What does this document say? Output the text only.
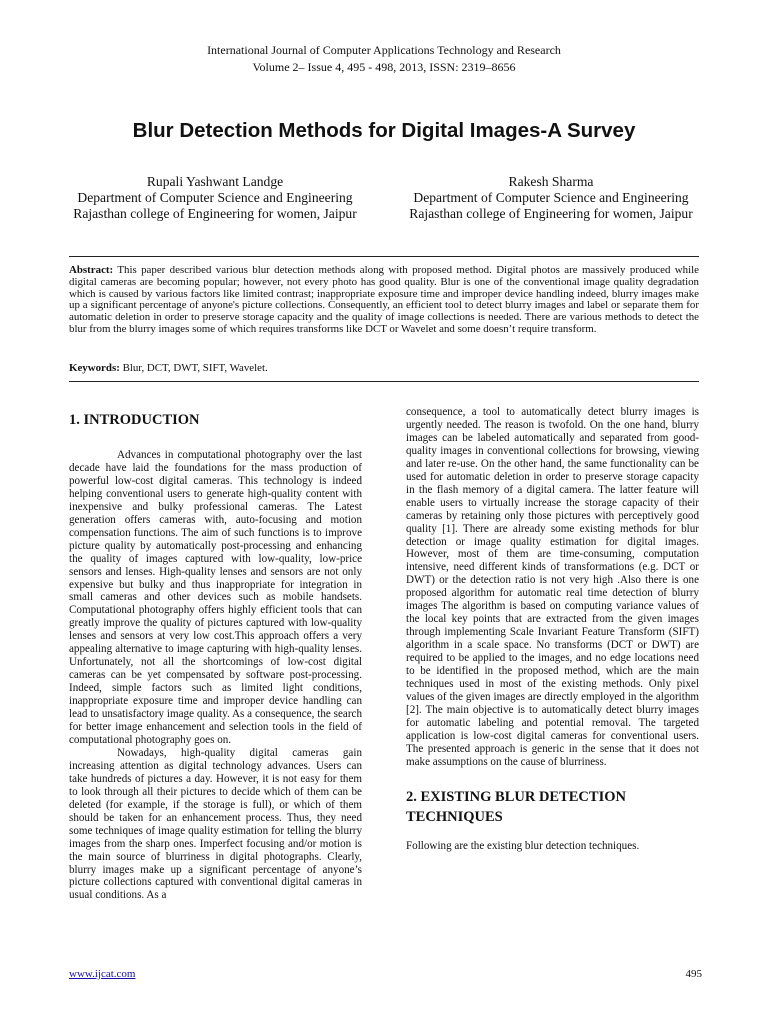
International Journal of Computer Applications Technology and Research
Volume 2– Issue 4, 495 - 498, 2013, ISSN: 2319–8656
Blur Detection Methods for Digital Images-A Survey
Rupali Yashwant Landge
Department of Computer Science and Engineering
Rajasthan college of Engineering for women, Jaipur
Rakesh Sharma
Department of Computer Science and Engineering
Rajasthan college of Engineering for women, Jaipur

Abstract: This paper described various blur detection methods along with proposed method. Digital photos are massively produced while digital cameras are becoming popular; however, not every photo has good quality. Blur is one of the conventional image quality degradation which is caused by various factors like limited contrast; inappropriate exposure time and improper device handling indeed, blurry images make up a significant percentage of anyone's picture collections. Consequently, an efficient tool to detect blurry images and label or separate them for automatic deletion in order to preserve storage capacity and the quality of image collections is needed. There are various methods to detect the blur from the blurry images some of which requires transforms like DCT or Wavelet and some doesn’t require transform.

Keywords: Blur, DCT, DWT, SIFT, Wavelet.

1. INTRODUCTION

Advances in computational photography over the last decade have laid the foundations for the mass production of powerful low-cost digital cameras. This technology is indeed helping conventional users to generate high-quality content with inexpensive and bulky professional cameras. The Latest generation offers cameras with, auto-focusing and motion compensation functions. The aim of such functions is to improve picture quality by automatically post-processing and enhancing the quality of images captured with low-quality, low-price sensors and lenses. High-quality lenses and sensors are not only expensive but bulky and thus inappropriate for integration in small cameras and other devices such as mobile handsets. Computational photography offers highly efficient tools that can greatly improve the quality of pictures captured with low-quality lenses and sensors at very low cost.This approach offers a very appealing alternative to image capturing with high-quality lenses. Unfortunately, not all the shortcomings of low-cost digital cameras can be yet compensated by software post-processing. Indeed, simple factors such as limited light conditions, inappropriate exposure time and improper device handling can lead to unsatisfactory image quality. As a consequence, the search for better image enhancement and selection tools in the field of computational photography goes on.

Nowadays, high-quality digital cameras gain increasing attention as digital technology advances. Users can take hundreds of pictures a day. However, it is not easy for them to look through all their pictures to decide which of them can be deleted (for example, if the storage is full), or which of them should be taken for an enhancement process. Thus, they need some techniques of image quality estimation for telling the blurry images from the sharp ones. Imperfect focusing and/or motion is the main source of blurriness in digital photographs. Clearly, blurry images make up a significant percentage of anyone’s picture collections captured with conventional digital cameras in usual conditions. As a

consequence, a tool to automatically detect blurry images is urgently needed. The reason is twofold. On the one hand, blurry images can be labeled automatically and separated from good-quality images in conventional collections for browsing, viewing and later re-use. On the other hand, the same functionality can be used for automatic deletion in order to preserve storage capacity in the flash memory of a digital camera. The latter feature will enable users to virtually increase the storage capacity of their cameras by retaining only those pictures with perceptively good quality [1]. There are already some existing methods for blur detection or image quality estimation for digital images. However, most of them are time-consuming, computation intensive, need different kinds of transformations (e.g. DCT or DWT) or the detection ratio is not very high .Also there is one proposed algorithm for automatic real time detection of blurry images The algorithm is based on computing variance values of the local key points that are extracted from the given images through implementing Scale Invariant Feature Transform (SIFT) algorithm in a scale space. No transforms (DCT or DWT) are required to be applied to the images, and no edge locations need to be identified in the proposed method, which are the main techniques used in most of the existing methods. Only pixel values of the given images are directly employed in the algorithm [2]. The main objective is to automatically detect blurry images for automatic labeling and potential removal. The targeted application is low-cost digital cameras for conventional users. The presented approach is generic in the sense that it does not make assumptions on the cause of blurriness.

2. EXISTING BLUR DETECTION TECHNIQUES

Following are the existing blur detection techniques.

www.ijcat.com	495
